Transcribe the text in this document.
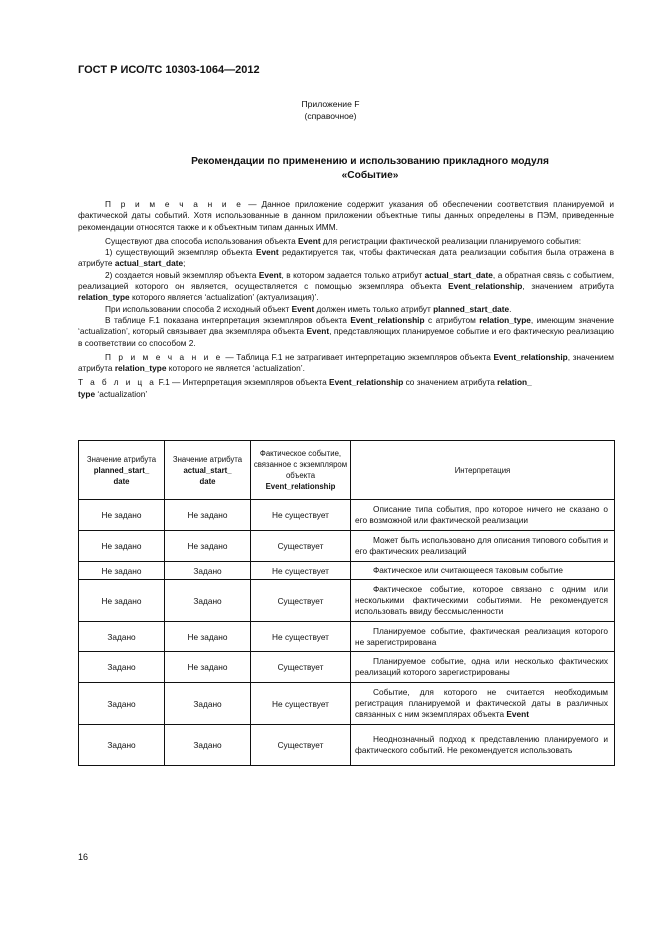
ГОСТ Р ИСО/ТС 10303-1064—2012
Приложение F
(справочное)
Рекомендации по применению и использованию прикладного модуля
«Событие»

П р и м е ч а н и е — Данное приложение содержит указания об обеспечении соответствия планируемой и фактической даты событий. Хотя использованные в данном приложении объектные типы данных определены в ПЭМ, приведенные рекомендации относятся также и к объектным типам данных ИММ.

Существуют два способа использования объекта Event для регистрации фактической реализации планируемого события:

1) существующий экземпляр объекта Event редактируется так, чтобы фактическая дата реализации события была отражена в атрибуте actual_start_date;

2) создается новый экземпляр объекта Event, в котором задается только атрибут actual_start_date, а обратная связь с событием, реализацией которого он является, осуществляется с помощью экземпляра объекта Event_relationship, значением атрибута relation_type которого является ‘actualization’ (актуализация)’.

При использовании способа 2 исходный объект Event должен иметь только атрибут planned_start_date.

В таблице F.1 показана интерпретация экземпляров объекта Event_relationship с атрибутом relation_type, имеющим значение ‘actualization’, который связывает два экземпляра объекта Event, представляющих планируемое событие и его фактическую реализацию в соответствии со способом 2.

П р и м е ч а н и е — Таблица F.1 не затрагивает интерпретацию экземпляров объекта Event_relationship, значением атрибута relation_type которого не является ‘actualization’.

Т а б л и ц а F.1 — Интерпретация экземпляров объекта Event_relationship со значением атрибута relation_
type ‘actualization’

Значение атрибута
planned_start_
date	Значение атрибута
actual_start_
date	Фактическое событие, связанное с экземпляром объекта
Event_relationship	Интерпретация
Не задано	Не задано	Не существует	Описание типа события, про которое ничего не сказано о его возможной или фактической реализации
Не задано	Не задано	Существует	Может быть использовано для описания типового события и его фактических реализаций
Не задано	Задано	Не существует	Фактическое или считающееся таковым событие
Не задано	Задано	Существует	Фактическое событие, которое связано с одним или несколькими фактическими событиями. Не рекомендуется использовать ввиду бессмысленности
Задано	Не задано	Не существует	Планируемое событие, фактическая реализация которого не зарегистрирована
Задано	Не задано	Существует	Планируемое событие, одна или несколько фактических реализаций которого зарегистрированы
Задано	Задано	Не существует	Событие, для которого не считается необходимым регистрация планируемой и фактической даты в различных связанных с ним экземплярах объекта Event
Задано	Задано	Существует	Неоднозначный подход к представлению планируемого и фактического событий. Не рекомендуется использовать
16
